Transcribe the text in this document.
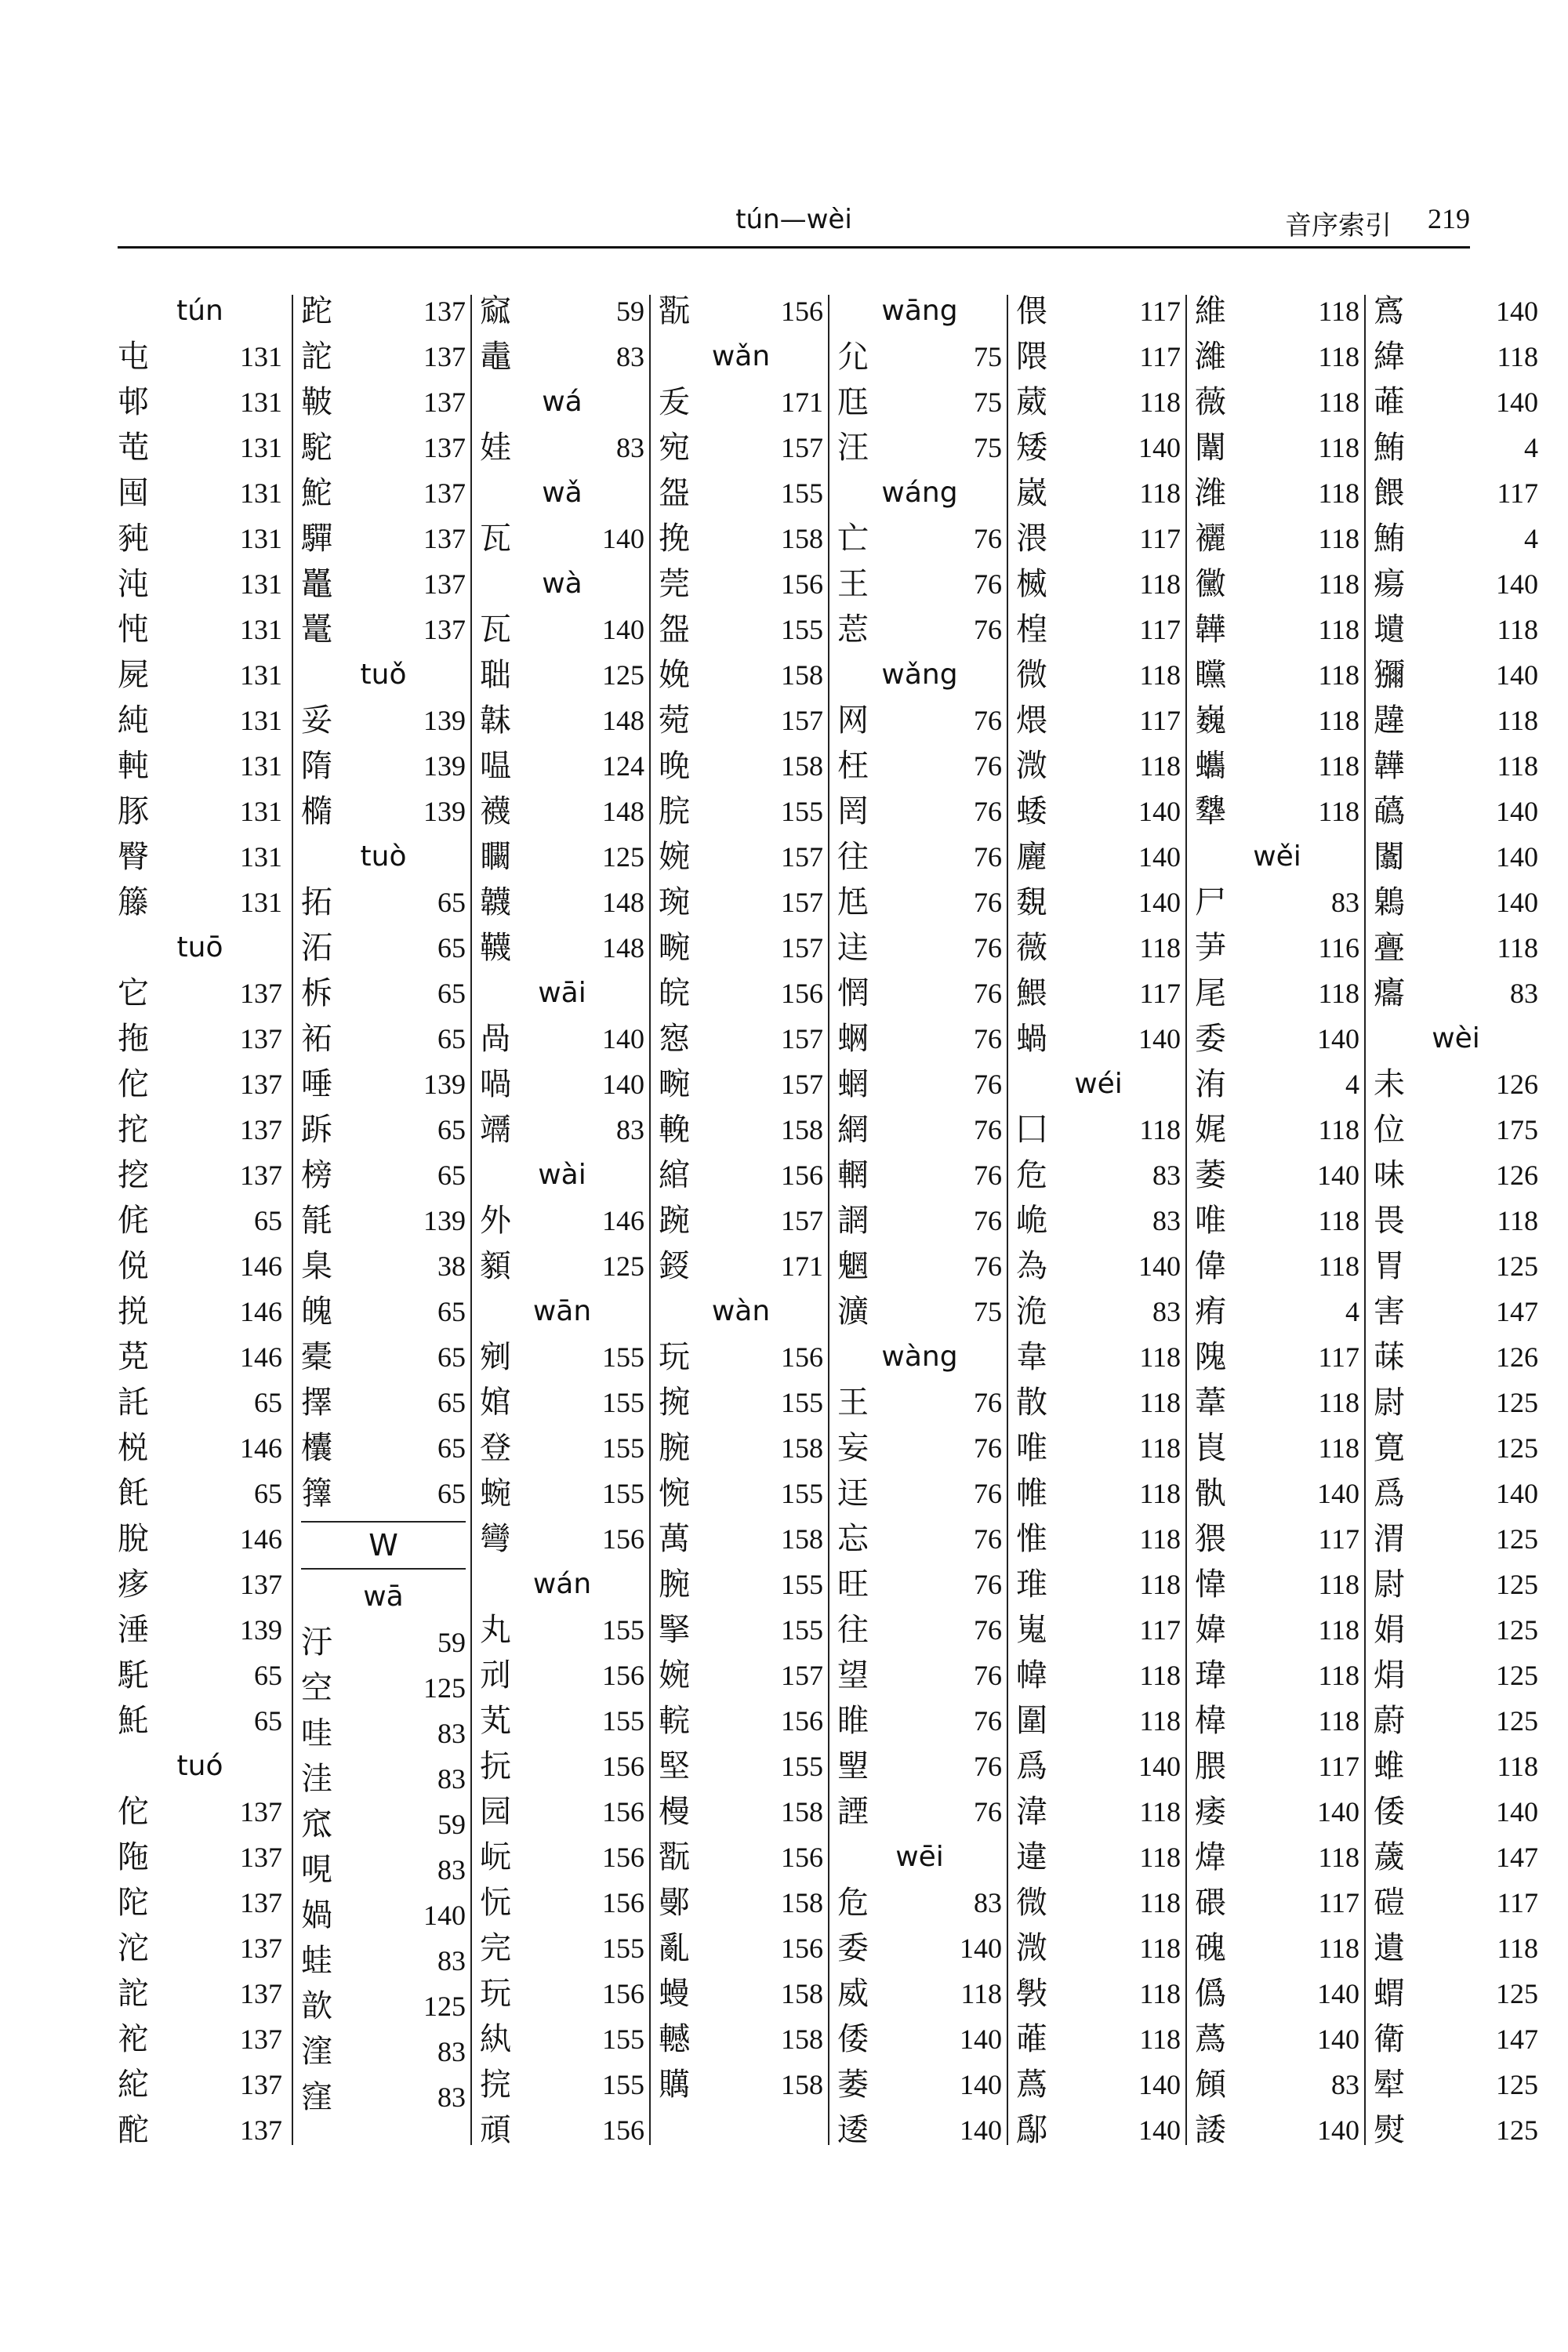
tún—wèi	音序索引 219
tún
屯	131
邨	131
芚	131
囤	131
豘	131
沌	131
忳	131
屍	131
純	131
軘	131
豚	131
臀	131
籐	131
tuō
它	137
拖	137
佗	137
拕	137
挖	137
侂	65
侻	146
捝	146
莌	146
託	65
棁	146
飥	65
脫	146
痑	137
涶	139
馲	65
魠	65
tuó
佗	137
陁	137
陀	137
沱	137
詑	137
袉	137
紽	137
酡	137
跎	137
詑	137
鞁	137
駝	137
鮀	137
驒	137
鼉	137
鼍	137
tuǒ
妥	139
隋	139
橢	139
tuò
拓	65
沰	65
柝	65
袥	65
唾	139
跅	65
榜	65
毻	139
臬	38
魄	65
橐	65
擇	65
欜	65
籜	65
W
wā
汙	59
空	125
哇	83
洼	83
窊	59
哯	83
媧	140
蛙	83
歆	125
漥	83
窪	83
窳	59
鼃	83
wá
娃	83
wǎ
瓦	140
wà
瓦	140
聉	125
韎	148
嗢	124
襪	148
矙	125
韤	148
韈	148
wāi
咼	140
喎	140
竵	83
wài
外	146
顡	125
wān
剜	155
婠	155
登	155
蜿	155
彎	156
wán
丸	155
刓	156
芄	155
抏	156
园	156
岏	156
忨	156
完	155
玩	156
紈	155
捖	155
頑	156
翫	156
wǎn
叐	171
宛	157
盌	155
挽	158
莞	156
盌	155
娩	158
菀	157
晚	158
脘	155
婉	157
琬	157
畹	157
皖	156
惌	157
畹	157
輓	158
綰	156
踠	157
鋄	171
wàn
玩	156
捥	155
腕	158
惋	155
萬	158
腕	155
掔	155
婉	157
輐	156
堅	155
槾	158
翫	156
鄤	158
亂	156
蟃	158
轗	158
贎	158
wāng
尣	75
尫	75
汪	75
wáng
亡	76
王	76
莣	76
wǎng
网	76
枉	76
罔	76
往	76
尪	76
迬	76
惘	76
蛧	76
蝄	76
網	76
輞	76
誷	76
魍	76
瀇	75
wàng
王	76
妄	76
迋	76
忘	76
旺	76
往	76
望	76
睢	76
朢	76
諲	76
wēi
危	83
委	140
威	118
倭	140
萎	140
逶	140
偎	117
隈	117
葳	118
矮	140
崴	118
渨	117
楲	118
楻	117
微	118
煨	117
溦	118
蜲	140
廲	140
覣	140
薇	118
鰃	117
蝸	140
wéi
囗	118
危	83
峗	83
為	140
洈	83
韋	118
散	118
唯	118
帷	118
惟	118
琟	118
嵬	117
幃	118
圍	118
爲	140
湋	118
違	118
微	118
溦	118
斅	118
蓶	118
蔿	140
鄬	140
維	118
濰	118
薇	118
闈	118
潍	118
襹	118
黴	118
韡	118
矘	118
巍	118
蠵	118
犩	118
wěi
尸	83
芛	116
尾	118
委	140
洧	4
娓	118
萎	140
唯	118
偉	118
痏	4
隗	117
葦	118
崀	118
骫	140
猥	117
愇	118
媁	118
瑋	118
椲	118
腲	117
痿	140
煒	118
碨	117
磈	118
僞	140
蔿	140
頠	83
諉	140
寪	140
緯	118
蓶	140
鮪	4
餵	117
鮪	4
瘍	140
壝	118
獼	140
韙	118
韡	118
蘤	140
闟	140
鷍	140
亹	118
癟	83
wèi
未	126
位	175
味	126
畏	118
胃	125
害	147
菋	126
尉	125
寛	125
爲	140
渭	125
尉	125
娟	125
焆	125
蔚	125
蜼	118
倭	140
薉	147
磑	117
遺	118
蝟	125
衛	147
犚	125
熨	125
